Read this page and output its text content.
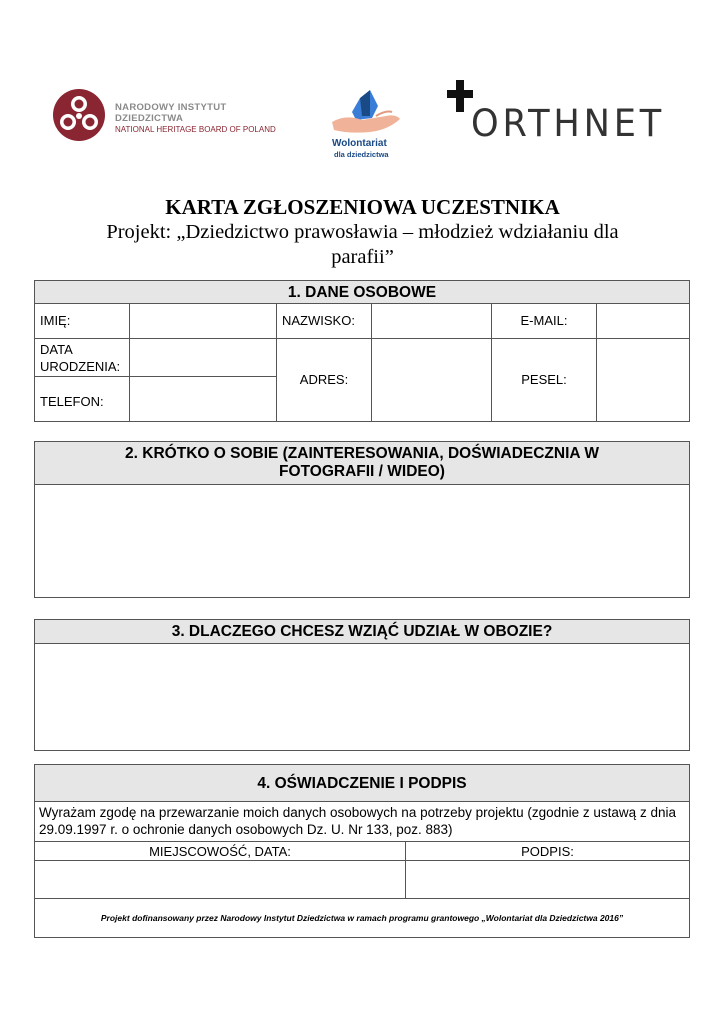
NARODOWY INSTYTUT
DZIEDZICTWA
NATIONAL HERITAGE BOARD OF POLAND
Wolontariat
dla dziedzictwa
ORTHNET
KARTA ZGŁOSZENIOWA UCZESTNIKA
Projekt: „Dziedzictwo prawosławia – młodzież wdziałaniu dla
parafii”
1. DANE OSOBOWE
IMIĘ:	NAZWISKO:	E-MAIL:
DATA
URODZENIA:
TELEFON:
ADRES:	PESEL:
2. KRÓTKO O SOBIE (ZAINTERESOWANIA, DOŚWIADECZNIA W
FOTOGRAFII / WIDEO)
3. DLACZEGO CHCESZ WZIĄĆ UDZIAŁ W OBOZIE?
4. OŚWIADCZENIE I PODPIS
Wyrażam zgodę na przewarzanie moich danych osobowych na potrzeby projektu (zgodnie z ustawą z dnia 29.09.1997 r. o ochronie danych osobowych Dz. U. Nr 133, poz. 883)
MIEJSCOWOŚĆ, DATA:	PODPIS:
Projekt dofinansowany przez Narodowy Instytut Dziedzictwa w ramach programu grantowego „Wolontariat dla Dziedzictwa 2016”
